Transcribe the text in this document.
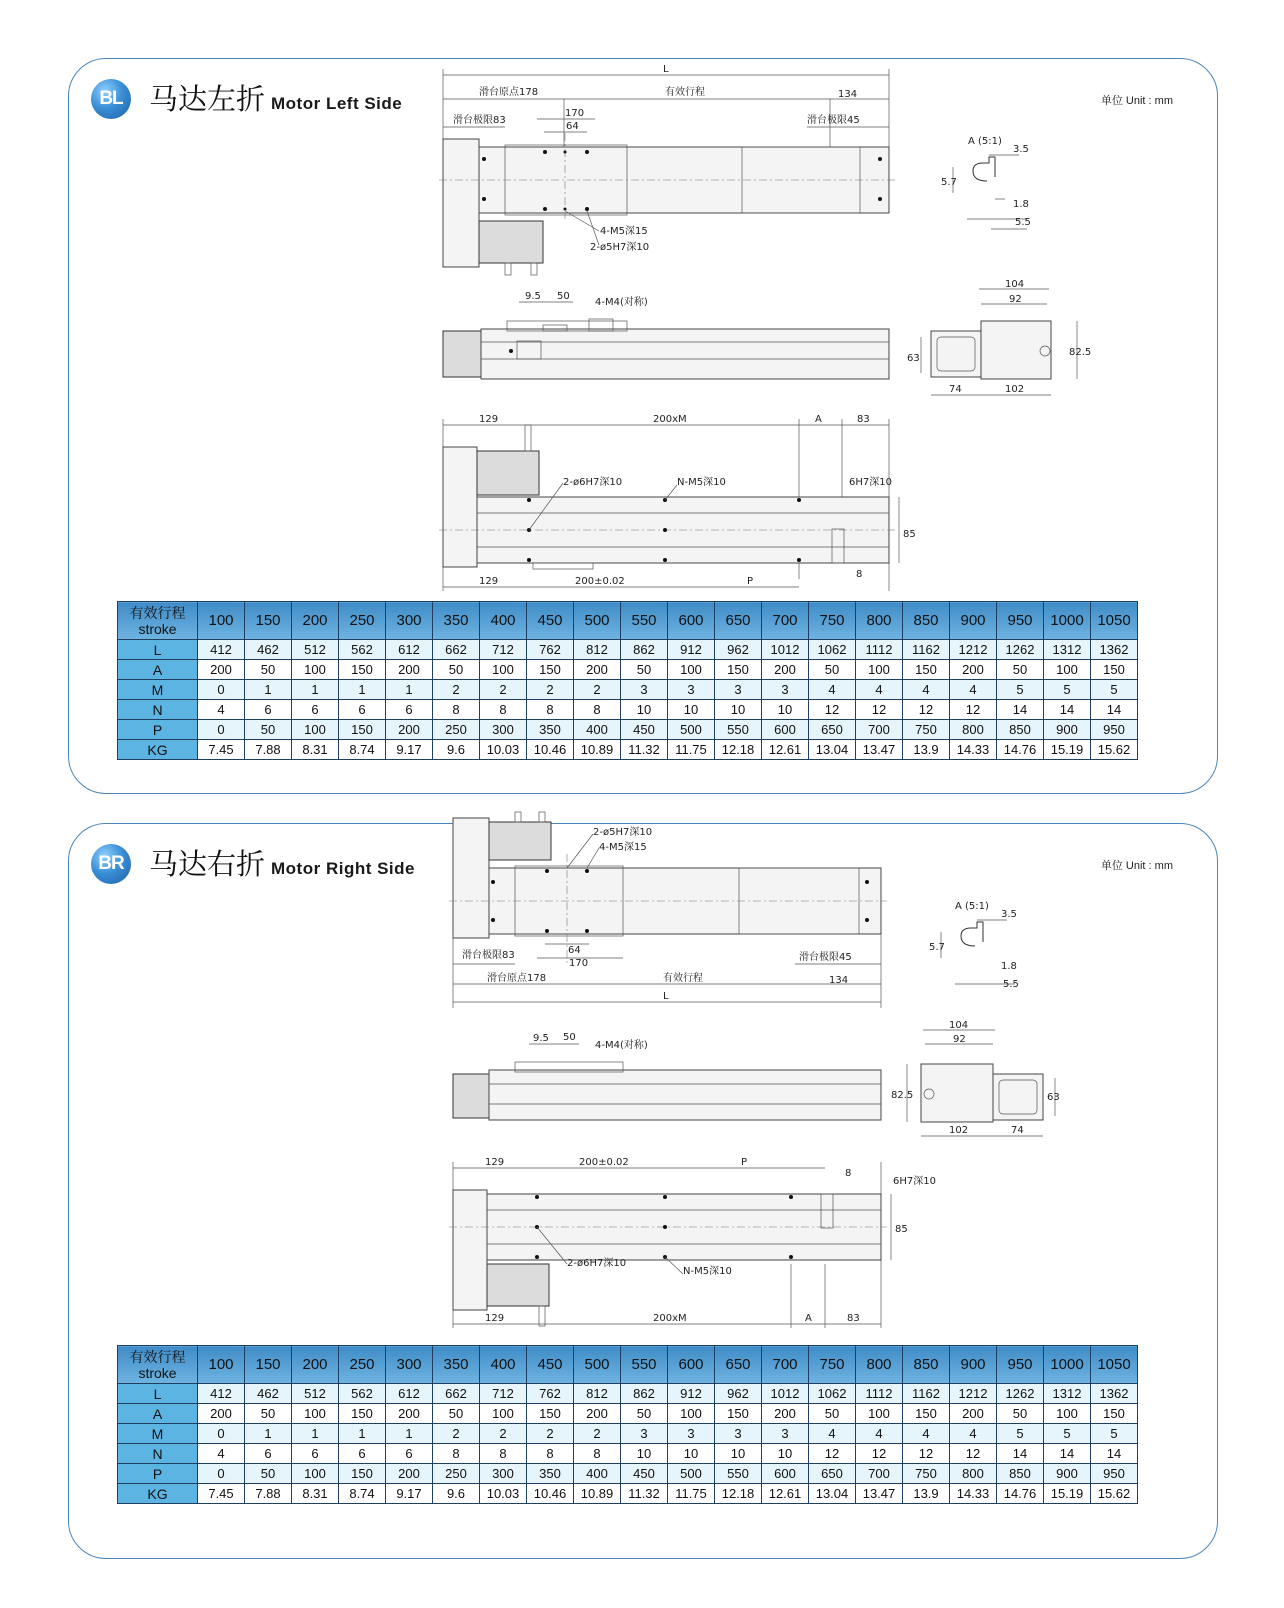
BL 马达左折 Motor Left Side	单位 Unit : mm
L
滑台原点178	有效行程	134
170
64
滑台极限83	滑台极限45
4-M5深15
2-ø5H7深10
A (5:1)
3.5
5.7
1.8
5.5
9.5 50
4-M4(对称)
104
92
63
82.5
74	102
129	200xM	A	83
2-ø6H7深10	N-M5深10	6H7深10
85
129	200±0.02	P
8
有效行程
stroke	100	150	200	250	300	350	400	450	500	550	600	650	700	750	800	850	900	950	1000	1050
L	412	462	512	562	612	662	712	762	812	862	912	962	1012	1062	1112	1162	1212	1262	1312	1362
A	200	50	100	150	200	50	100	150	200	50	100	150	200	50	100	150	200	50	100	150
M	0	1	1	1	1	2	2	2	2	3	3	3	3	4	4	4	4	5	5	5
N	4	6	6	6	6	8	8	8	8	10	10	10	10	12	12	12	12	14	14	14
P	0	50	100	150	200	250	300	350	400	450	500	550	600	650	700	750	800	850	900	950
KG	7.45	7.88	8.31	8.74	9.17	9.6	10.03	10.46	10.89	11.32	11.75	12.18	12.61	13.04	13.47	13.9	14.33	14.76	15.19	15.62
BR 马达右折 Motor Right Side	单位 Unit : mm
2-ø5H7深10
4-M5深15
64
170
滑台极限83	滑台极限45
滑台原点178	有效行程	134
L
A (5:1)
3.5
5.7
1.8
5.5
9.5 50
4-M4(对称)
104
92
82.5	63
102	74
129	200±0.02	P
8
6H7深10
2-ø6H7深10
N-M5深10
85
129	200xM	A	83
有效行程
stroke	100	150	200	250	300	350	400	450	500	550	600	650	700	750	800	850	900	950	1000	1050
L	412	462	512	562	612	662	712	762	812	862	912	962	1012	1062	1112	1162	1212	1262	1312	1362
A	200	50	100	150	200	50	100	150	200	50	100	150	200	50	100	150	200	50	100	150
M	0	1	1	1	1	2	2	2	2	3	3	3	3	4	4	4	4	5	5	5
N	4	6	6	6	6	8	8	8	8	10	10	10	10	12	12	12	12	14	14	14
P	0	50	100	150	200	250	300	350	400	450	500	550	600	650	700	750	800	850	900	950
KG	7.45	7.88	8.31	8.74	9.17	9.6	10.03	10.46	10.89	11.32	11.75	12.18	12.61	13.04	13.47	13.9	14.33	14.76	15.19	15.62
